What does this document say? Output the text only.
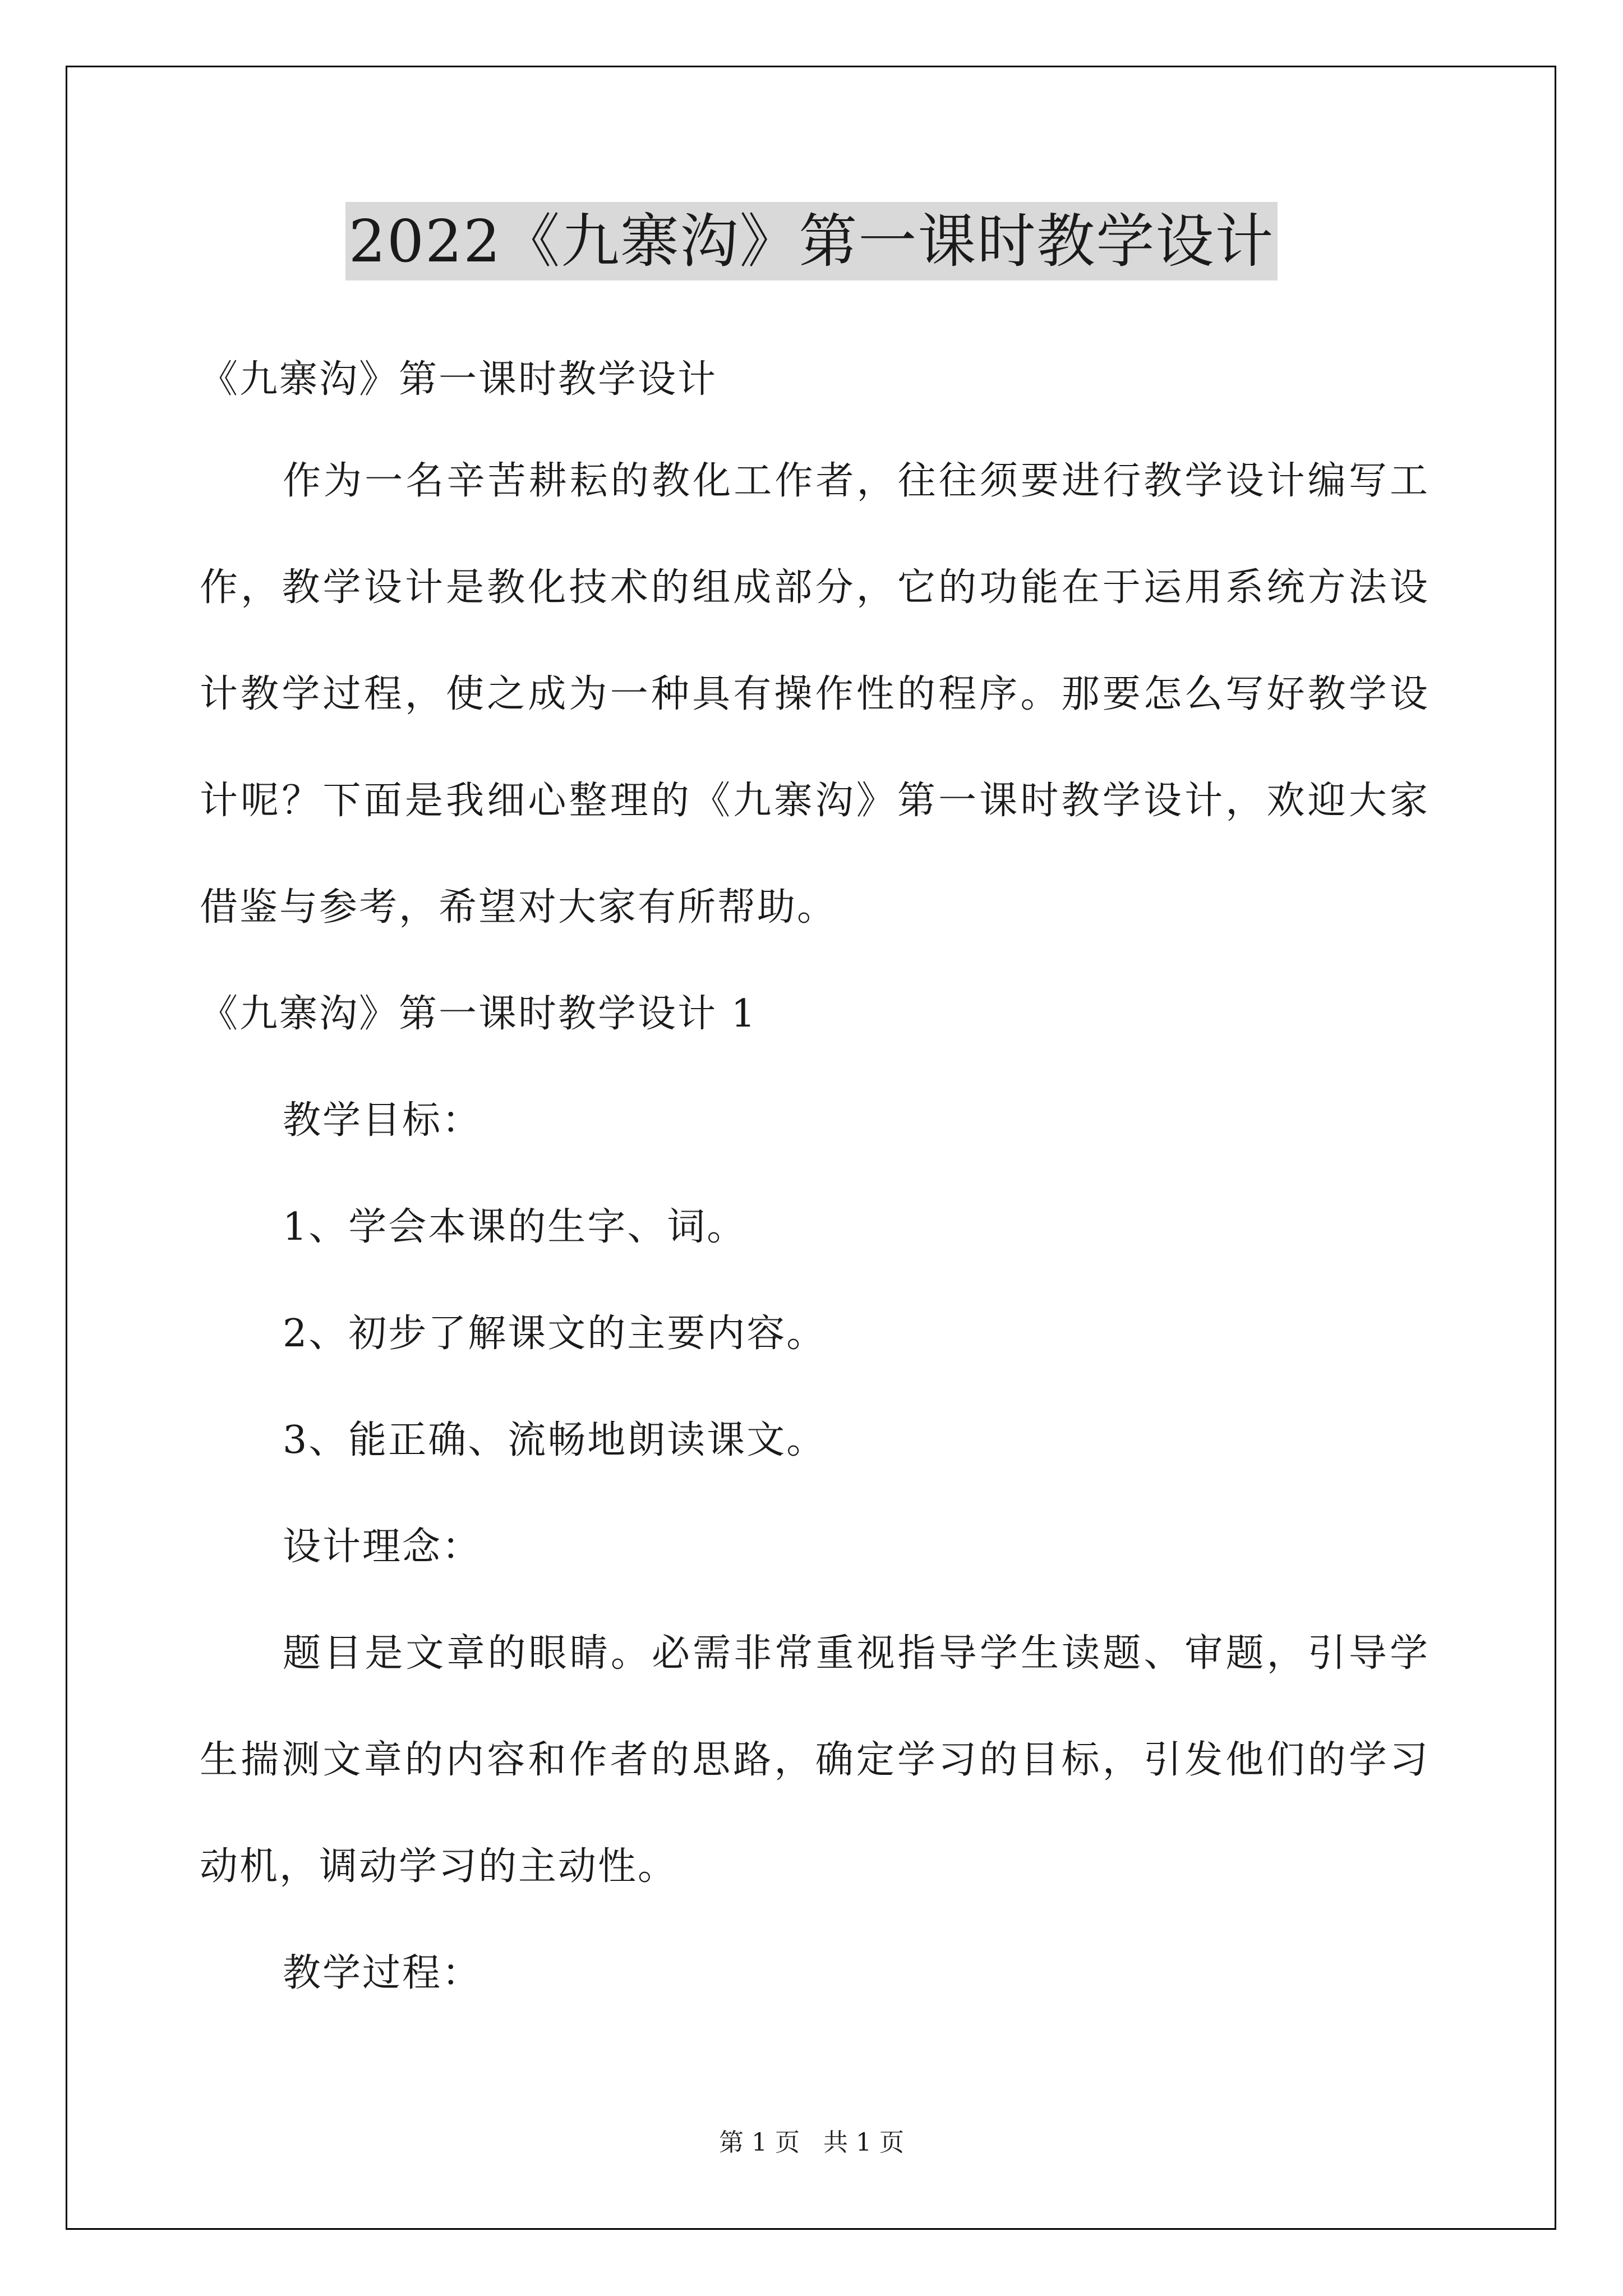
2022《九寨沟》第一课时教学设计
《九寨沟》第一课时教学设计
作为一名辛苦耕耘的教化工作者，往往须要进行教学设计编写工
作，教学设计是教化技术的组成部分，它的功能在于运用系统方法设
计教学过程，使之成为一种具有操作性的程序。那要怎么写好教学设
计呢？下面是我细心整理的《九寨沟》第一课时教学设计，欢迎大家
借鉴与参考，希望对大家有所帮助。
《九寨沟》第一课时教学设计 1
教学目标：
1、学会本课的生字、词。
2、初步了解课文的主要内容。
3、能正确、流畅地朗读课文。
设计理念：
题目是文章的眼睛。必需非常重视指导学生读题、审题，引导学
生揣测文章的内容和作者的思路，确定学习的目标，引发他们的学习
动机，调动学习的主动性。
教学过程：
第 1 页 共 1 页
